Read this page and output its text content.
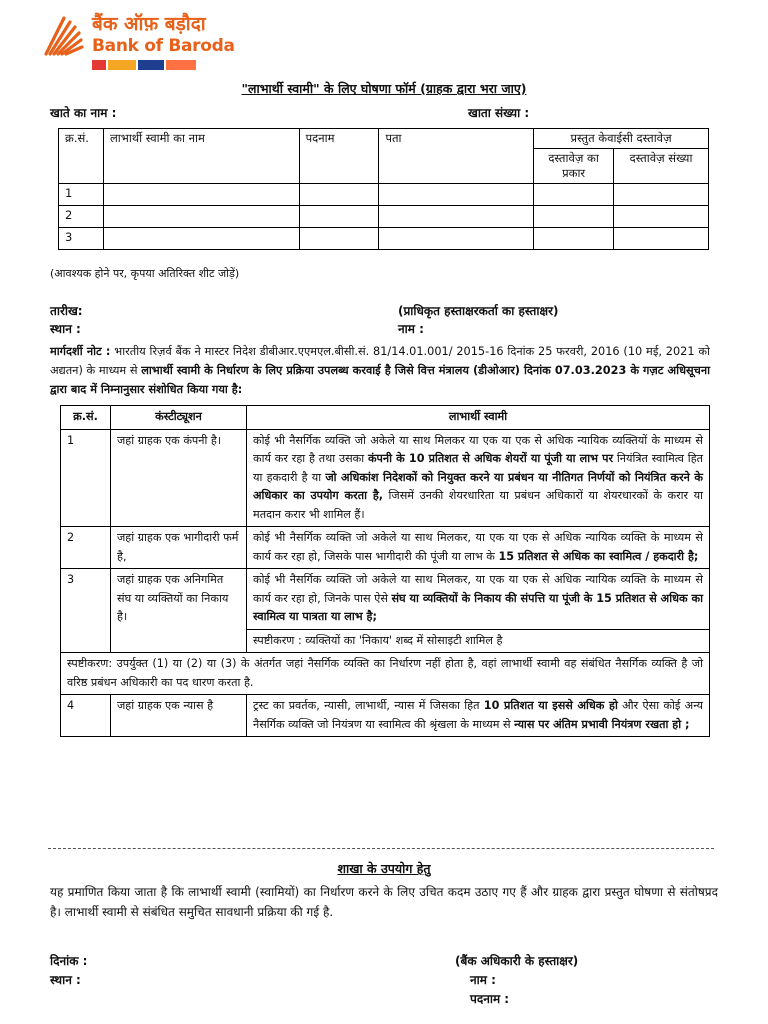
बैंक ऑफ़ बड़ौदा
Bank of Baroda
"लाभार्थी स्वामी" के लिए घोषणा फॉर्म (ग्राहक द्वारा भरा जाए)
खाते का नाम :	खाता संख्या :
क्र.सं.	लाभार्थी स्वामी का नाम	पदनाम	पता	प्रस्तुत केवाईसी दस्तावेज़	
				दस्तावेज़ का प्रकार	दस्तावेज़ संख्या
1					
2					
3					
(आवश्यक होने पर, कृपया अतिरिक्त शीट जोड़ें)
तारीख:	(प्राधिकृत हस्ताक्षरकर्ता का हस्ताक्षर)
स्थान :	नाम :
मार्गदर्शी नोट : भारतीय रिज़र्व बैंक ने मास्टर निदेश डीबीआर.एएमएल.बीसी.सं. 81/14.01.001/ 2015-16 दिनांक 25 फरवरी, 2016 (10 मई, 2021 को अद्यतन) के माध्यम से लाभार्थी स्वामी के निर्धारण के लिए प्रक्रिया उपलब्ध करवाई है जिसे वित्त मंत्रालय (डीओआर) दिनांक 07.03.2023 के गज़ट अधिसूचना द्वारा बाद में निम्नानुसार संशोधित किया गया है:
क्र.सं.	कंस्टीट्यूशन	लाभार्थी स्वामी
1	जहां ग्राहक एक कंपनी है।	कोई भी नैसर्गिक व्यक्ति जो अकेले या साथ मिलकर या एक या एक से अधिक न्यायिक व्यक्तियों के माध्यम से कार्य कर रहा है तथा उसका कंपनी के 10 प्रतिशत से अधिक शेयरों या पूंजी या लाभ पर नियंत्रित स्वामित्व हित या हकदारी है या जो अधिकांश निदेशकों को नियुक्त करने या प्रबंधन या नीतिगत निर्णयों को नियंत्रित करने के अधिकार का उपयोग करता है, जिसमें उनकी शेयरधारिता या प्रबंधन अधिकारों या शेयरधारकों के करार या मतदान करार भी शामिल हैं।
2	जहां ग्राहक एक भागीदारी फर्म है,	कोई भी नैसर्गिक व्यक्ति जो अकेले या साथ मिलकर, या एक या एक से अधिक न्यायिक व्यक्ति के माध्यम से कार्य कर रहा हो, जिसके पास भागीदारी की पूंजी या लाभ के 15 प्रतिशत से अधिक का स्वामित्व / हकदारी है;
3	जहां ग्राहक एक अनिगमित संघ या व्यक्तियों का निकाय है।	कोई भी नैसर्गिक व्यक्ति जो अकेले या साथ मिलकर, या एक या एक से अधिक न्यायिक व्यक्ति के माध्यम से कार्य कर रहा हो, जिनके पास ऐसे संघ या व्यक्तियों के निकाय की संपत्ति या पूंजी के 15 प्रतिशत से अधिक का स्वामित्व या पात्रता या लाभ है;
		स्पष्टीकरण : व्यक्तियों का 'निकाय' शब्द में सोसाइटी शामिल है
स्पष्टीकरण: उपर्युक्त (1) या (2) या (3) के अंतर्गत जहां नैसर्गिक व्यक्ति का निर्धारण नहीं होता है, वहां लाभार्थी स्वामी वह संबंधित नैसर्गिक व्यक्ति है जो वरिष्ठ प्रबंधन अधिकारी का पद धारण करता है.		
4	जहां ग्राहक एक न्यास है	ट्रस्ट का प्रवर्तक, न्यासी, लाभार्थी, न्यास में जिसका हित 10 प्रतिशत या इससे अधिक हो और ऐसा कोई अन्य नैसर्गिक व्यक्ति जो नियंत्रण या स्वामित्व की श्रृंखला के माध्यम से न्यास पर अंतिम प्रभावी नियंत्रण रखता हो ;
शाखा के उपयोग हेतु
यह प्रमाणित किया जाता है कि लाभार्थी स्वामी (स्वामियों) का निर्धारण करने के लिए उचित कदम उठाए गए हैं और ग्राहक द्वारा प्रस्तुत घोषणा से संतोषप्रद है। लाभार्थी स्वामी से संबंधित समुचित सावधानी प्रक्रिया की गई है.
दिनांक :
स्थान :
(बैंक अधिकारी के हस्ताक्षर)
नाम :
पदनाम :
